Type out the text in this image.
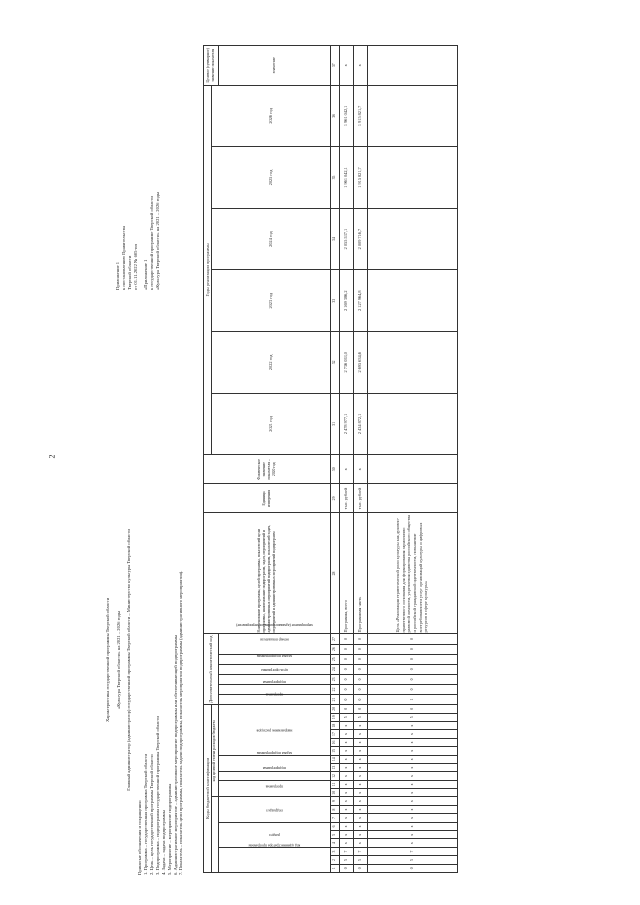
2

Характеристика государственной программы Тверской области «Культура Тверской области» на 2021 – 2026 годы Главный администратор (администратор) государственной программы Тверской области – Министерство культуры Тверской области

Принятые обозначения и сокращения: 1. Программа – государственная программа Тверской области 2. Цель – цель государственной программы Тверской области 3. Подпрограмма – подпрограмма государственной программы Тверской области 4. Задача – задача подпрограммы 5. Мероприятие – мероприятие подпрограммы 6. Административное мероприятие – административное мероприятие подпрограммы или обеспечивающей подпрограммы 7. Показатель – показатель цели программы, показатель задачи подпрограммы, показатель мероприятия подпрограммы (административного мероприятия).

Приложение 1 к постановлению Правительства Тверской области от 01.11.2022 № 605-пп «Приложение 1 к государственной программе Тверской области «Культура Тверской области» на 2021 – 2026 годы

Коды бюджетной классификации																				Дополнительный аналитический код							Наименование программы, целей программы, показателей цели программы, наименование подпрограмм, задач, мероприятий и административных мероприятий подпрограмм, показателей задач, мероприятий и административных мероприятий подпрограмм	Единица измерения	Фактическое значение показателя – 2020 год	Годы реализации программы						Целевое (суммарное) значение показателя
									код целевой статьи расходов бюджета																					2021 год	2022 год	2023 год	2024 год	2025 год	2026 год	
код администратора программы			раздел			подраздел			программа		подпрограмма	задача подпрограммы		направление расходов						программа	подпрограмма	цель программы	задача подпрограммы	мероприятие (административное мероприятие)	номер показателя											значение
1	2	3	4	5	6	7	8	9	10	11	12	13	14	15	16	17	18	19	20	21	22	23	24	25	26	27	28	29	30	31	32	33	34	35	36	37
0	5	7	х	х	х	х	х	х	х	х	х	х	х	х	х	х	х	5	0	0	0	0	0	0	0	0	Программа, всего	тыс. рублей	х	2 478 977,1	2 736 053,0	2 169 386,2	2 055 537,1	1 961 042,1	1 961 042,1	х
0	5	7	х	х	х	х	х	х	х	х	х	х	х	х	х	х	х	5	0	0	0	0	0	0	0	0	Программная часть	тыс. рублей	х	2 434 872,1	2 695 634,6	2 127 964,8	2 009 716,7	1 915 821,7	1 915 821,7	х
0	5	7	х	х	х	х	х	х	х	х	х	х	х	х	х	х	х	5	0	1	0	0	0	0	0	0	Цель «Реализация стратегической роли культуры как духовно-нравственного основания для формирования гармонично развитой личности, укрепления единства российского общества и российской гражданской идентичности, повышение востребованности услуг организаций культуры и цифровых ресурсов в сфере культуры»									
